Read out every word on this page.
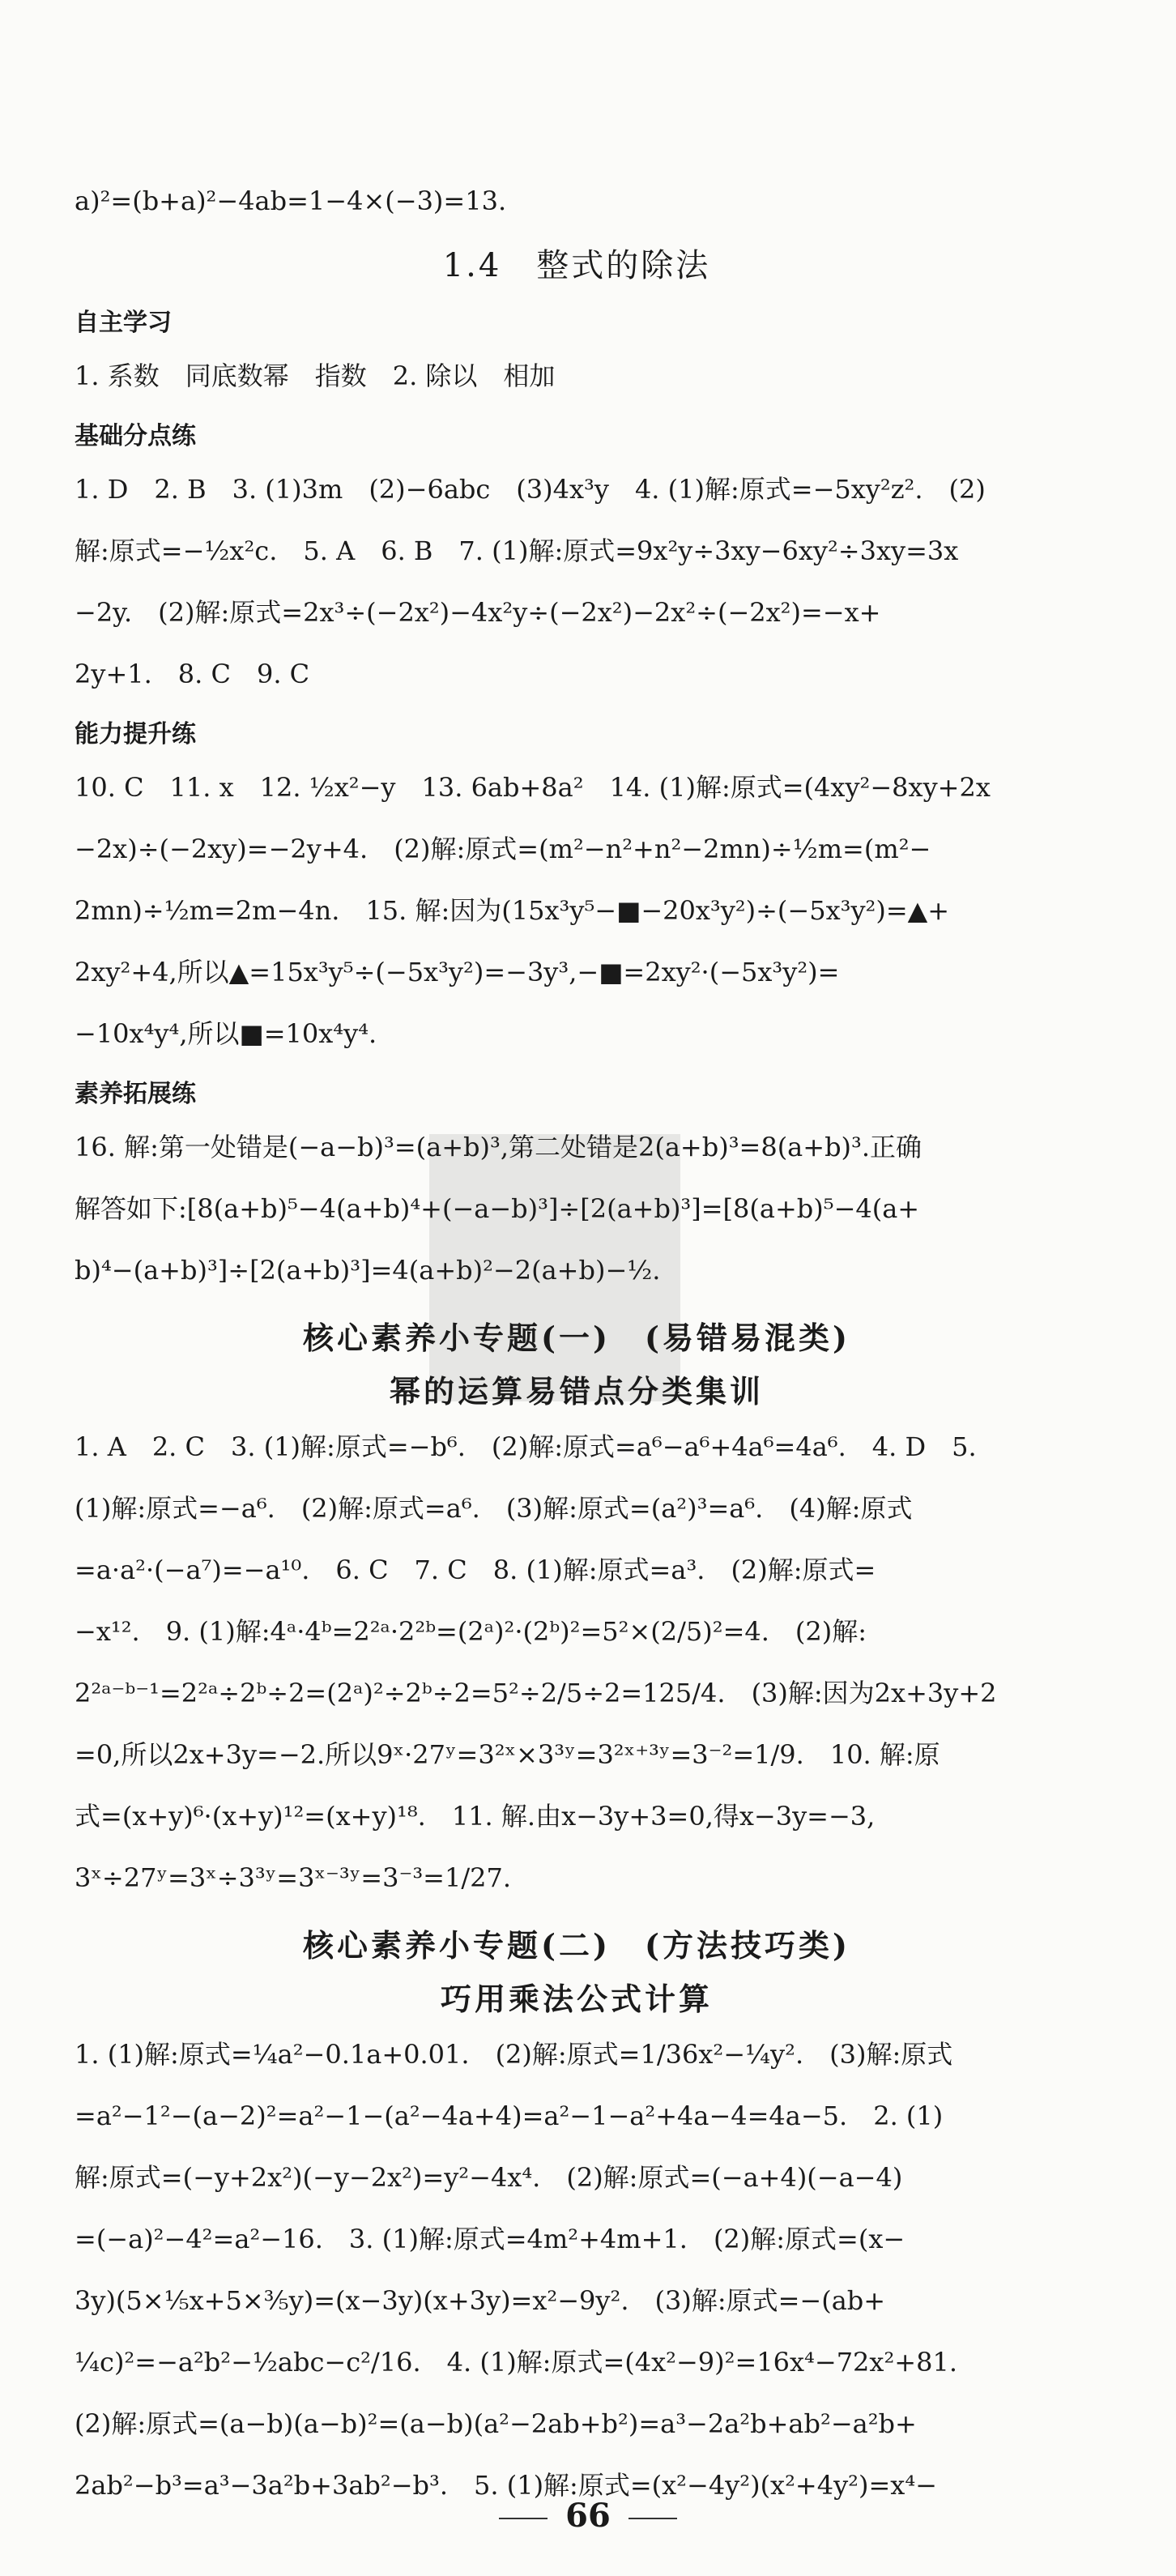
a)²=(b+a)²−4ab=1−4×(−3)=13.
1.4　整式的除法
自主学习
1. 系数　同底数幂　指数　2. 除以　相加
基础分点练
1. D　2. B　3. (1)3m　(2)−6abc　(3)4x³y　4. (1)解:原式=−5xy²z².　(2)
解:原式=−½x²c.　5. A　6. B　7. (1)解:原式=9x²y÷3xy−6xy²÷3xy=3x
−2y.　(2)解:原式=2x³÷(−2x²)−4x²y÷(−2x²)−2x²÷(−2x²)=−x+
2y+1.　8. C　9. C
能力提升练
10. C　11. x　12. ½x²−y　13. 6ab+8a²　14. (1)解:原式=(4xy²−8xy+2x
−2x)÷(−2xy)=−2y+4.　(2)解:原式=(m²−n²+n²−2mn)÷½m=(m²−
2mn)÷½m=2m−4n.　15. 解:因为(15x³y⁵−■−20x³y²)÷(−5x³y²)=▲+
2xy²+4,所以▲=15x³y⁵÷(−5x³y²)=−3y³,−■=2xy²·(−5x³y²)=
−10x⁴y⁴,所以■=10x⁴y⁴.
素养拓展练
16. 解:第一处错是(−a−b)³=(a+b)³,第二处错是2(a+b)³=8(a+b)³.正确
解答如下:[8(a+b)⁵−4(a+b)⁴+(−a−b)³]÷[2(a+b)³]=[8(a+b)⁵−4(a+
b)⁴−(a+b)³]÷[2(a+b)³]=4(a+b)²−2(a+b)−½.
核心素养小专题(一)　(易错易混类)
幂的运算易错点分类集训
1. A　2. C　3. (1)解:原式=−b⁶.　(2)解:原式=a⁶−a⁶+4a⁶=4a⁶.　4. D　5.
(1)解:原式=−a⁶.　(2)解:原式=a⁶.　(3)解:原式=(a²)³=a⁶.　(4)解:原式
=a·a²·(−a⁷)=−a¹⁰.　6. C　7. C　8. (1)解:原式=a³.　(2)解:原式=
−x¹².　9. (1)解:4ᵃ·4ᵇ=2²ᵃ·2²ᵇ=(2ᵃ)²·(2ᵇ)²=5²×(2/5)²=4.　(2)解:
2²ᵃ⁻ᵇ⁻¹=2²ᵃ÷2ᵇ÷2=(2ᵃ)²÷2ᵇ÷2=5²÷2/5÷2=125/4.　(3)解:因为2x+3y+2
=0,所以2x+3y=−2.所以9ˣ·27ʸ=3²ˣ×3³ʸ=3²ˣ⁺³ʸ=3⁻²=1/9.　10. 解:原
式=(x+y)⁶·(x+y)¹²=(x+y)¹⁸.　11. 解.由x−3y+3=0,得x−3y=−3,
3ˣ÷27ʸ=3ˣ÷3³ʸ=3ˣ⁻³ʸ=3⁻³=1/27.
核心素养小专题(二)　(方法技巧类)
巧用乘法公式计算
1. (1)解:原式=¼a²−0.1a+0.01.　(2)解:原式=1/36x²−¼y².　(3)解:原式
=a²−1²−(a−2)²=a²−1−(a²−4a+4)=a²−1−a²+4a−4=4a−5.　2. (1)
解:原式=(−y+2x²)(−y−2x²)=y²−4x⁴.　(2)解:原式=(−a+4)(−a−4)
=(−a)²−4²=a²−16.　3. (1)解:原式=4m²+4m+1.　(2)解:原式=(x−
3y)(5×⅕x+5×⅗y)=(x−3y)(x+3y)=x²−9y².　(3)解:原式=−(ab+
¼c)²=−a²b²−½abc−c²/16.　4. (1)解:原式=(4x²−9)²=16x⁴−72x²+81.
(2)解:原式=(a−b)(a−b)²=(a−b)(a²−2ab+b²)=a³−2a²b+ab²−a²b+
2ab²−b³=a³−3a²b+3ab²−b³.　5. (1)解:原式=(x²−4y²)(x²+4y²)=x⁴−
66
